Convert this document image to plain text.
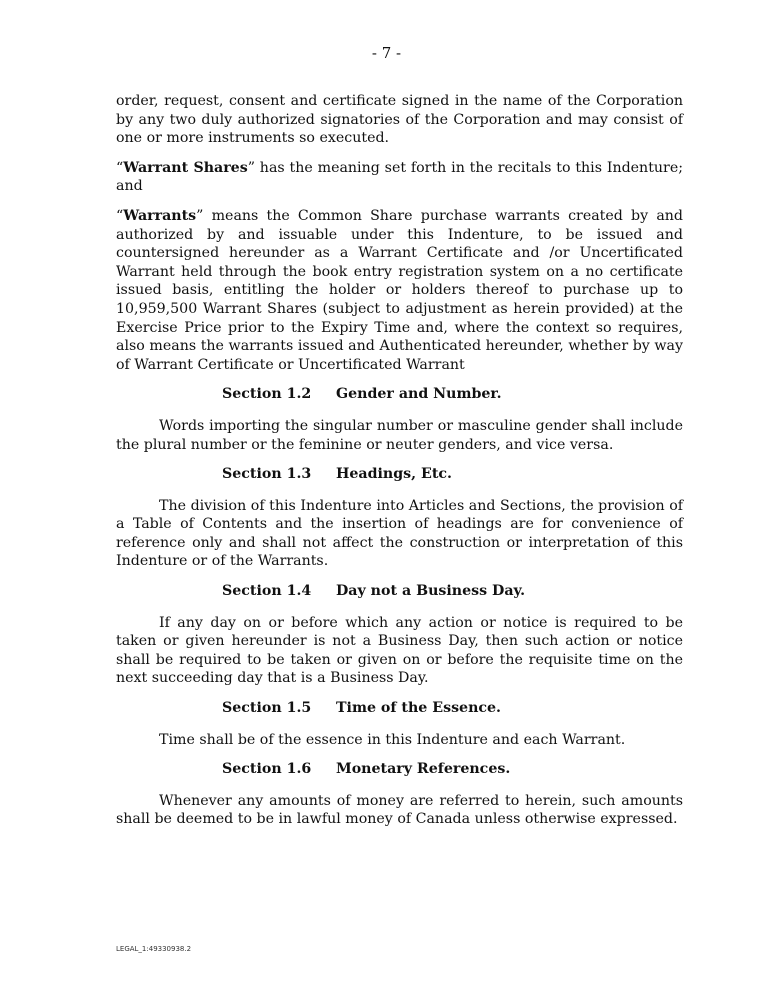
- 7 -

order, request, consent and certificate signed in the name of the Corporation by any two duly authorized signatories of the Corporation and may consist of one or more instruments so executed.

“Warrant Shares” has the meaning set forth in the recitals to this Indenture; and

“Warrants” means the Common Share purchase warrants created by and authorized by and issuable under this Indenture, to be issued and countersigned hereunder as a Warrant Certificate and /or Uncertificated Warrant held through the book entry registration system on a no certificate issued basis, entitling the holder or holders thereof to purchase up to 10,959,500 Warrant Shares (subject to adjustment as herein provided) at the Exercise Price prior to the Expiry Time and, where the context so requires, also means the warrants issued and Authenticated hereunder, whether by way of Warrant Certificate or Uncertificated Warrant

Section 1.2	Gender and Number.

Words importing the singular number or masculine gender shall include the plural number or the feminine or neuter genders, and vice versa.

Section 1.3	Headings, Etc.

The division of this Indenture into Articles and Sections, the provision of a Table of Contents and the insertion of headings are for convenience of reference only and shall not affect the construction or interpretation of this Indenture or of the Warrants.

Section 1.4	Day not a Business Day.

If any day on or before which any action or notice is required to be taken or given hereunder is not a Business Day, then such action or notice shall be required to be taken or given on or before the requisite time on the next succeeding day that is a Business Day.

Section 1.5	Time of the Essence.

Time shall be of the essence in this Indenture and each Warrant.

Section 1.6	Monetary References.

Whenever any amounts of money are referred to herein, such amounts shall be deemed to be in lawful money of Canada unless otherwise expressed.

LEGAL_1:49330938.2
